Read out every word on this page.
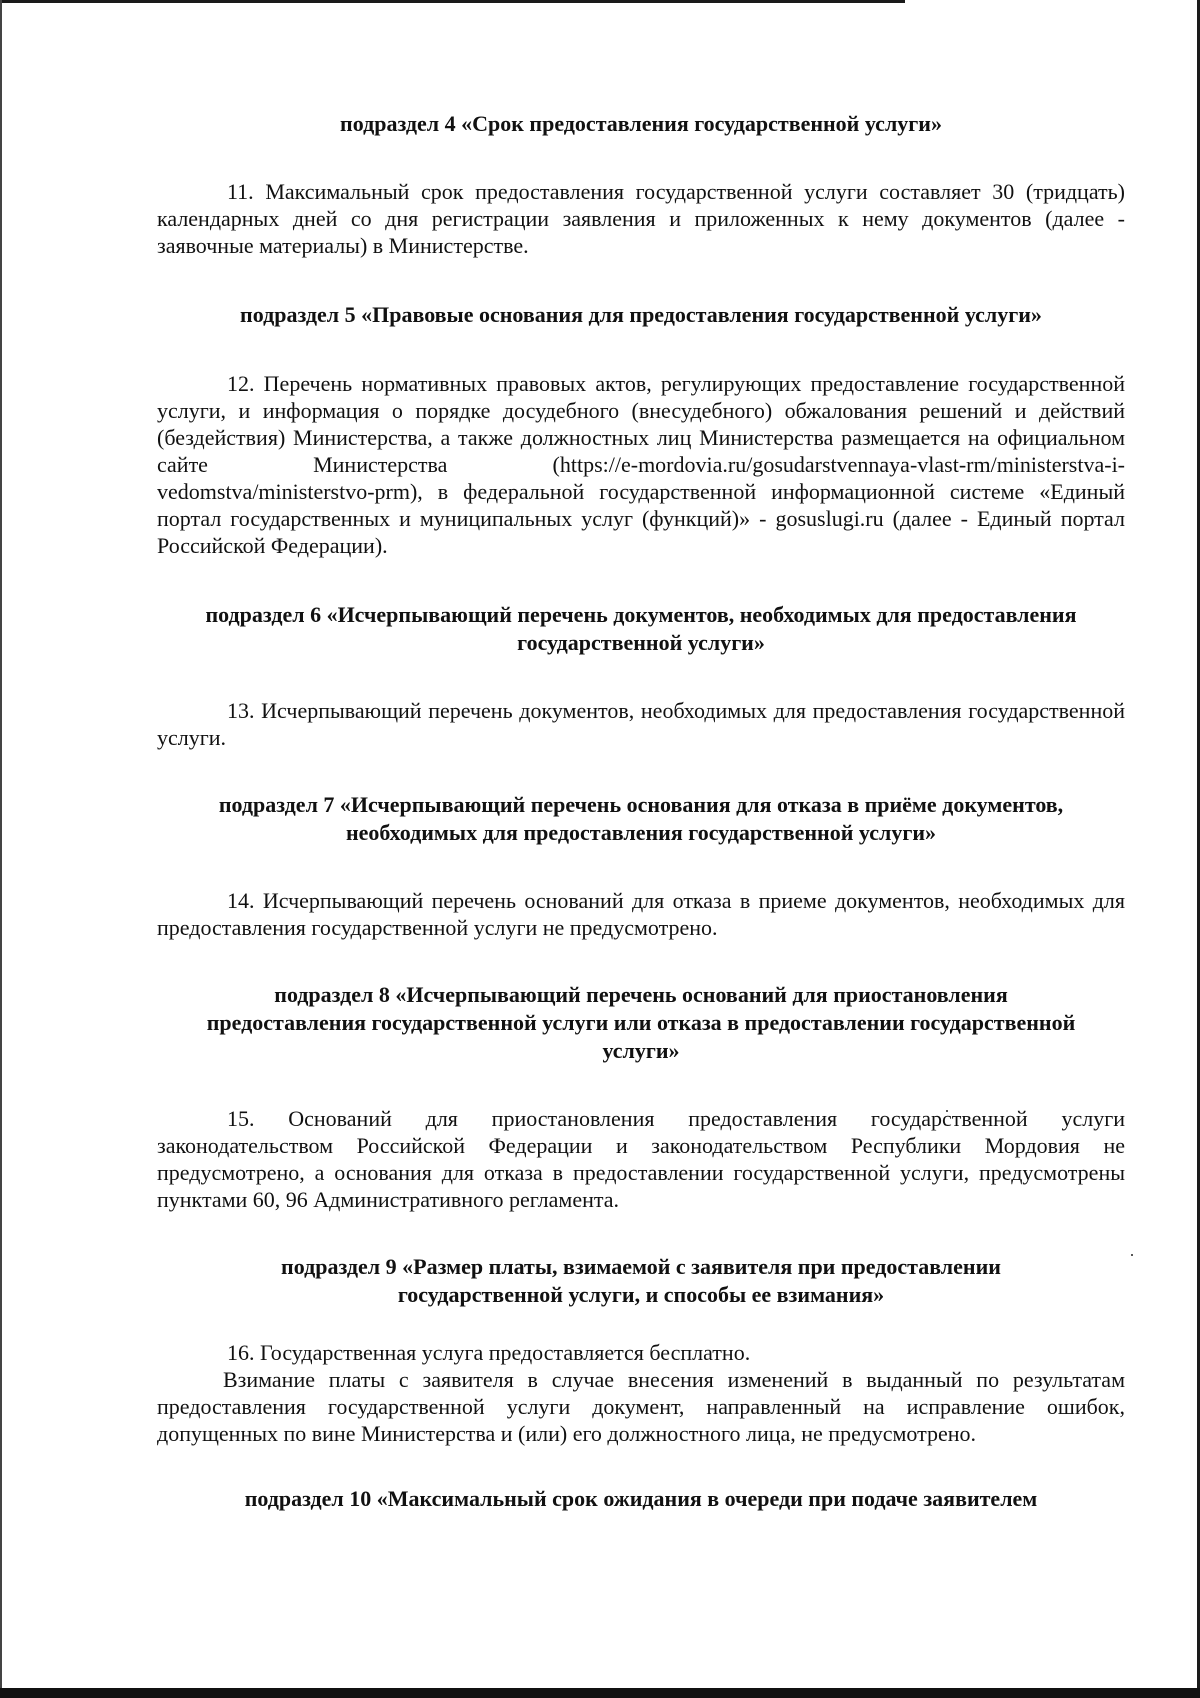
подраздел 4 «Срок предоставления государственной услуги»

11. Максимальный срок предоставления государственной услуги составляет 30 (тридцать) календарных дней со дня регистрации заявления и приложенных к нему документов (далее - заявочные материалы) в Министерстве.

подраздел 5 «Правовые основания для предоставления государственной услуги»

12. Перечень нормативных правовых актов, регулирующих предоставление государственной услуги, и информация о порядке досудебного (внесудебного) обжалования решений и действий (бездействия) Министерства, а также должностных лиц Министерства размещается на официальном сайте Министерства	(https://e-mordovia.ru/gosudarstvennaya-vlast-rm/ministerstva-i-vedomstva/ministerstvo-prm), в федеральной государственной информационной системе «Единый портал государственных и муниципальных услуг (функций)» - gosuslugi.ru (далее - Единый портал Российской Федерации).

подраздел 6 «Исчерпывающий перечень документов, необходимых для предоставления
государственной услуги»

13. Исчерпывающий перечень документов, необходимых для предоставления государственной услуги.

подраздел 7 «Исчерпывающий перечень основания для отказа в приёме документов,
необходимых для предоставления государственной услуги»

14. Исчерпывающий перечень оснований для отказа в приеме документов, необходимых для предоставления государственной услуги не предусмотрено.

подраздел 8 «Исчерпывающий перечень оснований для приостановления
предоставления государственной услуги или отказа в предоставлении государственной
услуги»

15. Оснований для приостановления предоставления государственной услуги законодательством Российской Федерации и законодательством Республики Мордовия не предусмотрено, а основания для отказа в предоставлении государственной услуги, предусмотрены пунктами 60, 96 Административного регламента.

подраздел 9 «Размер платы, взимаемой с заявителя при предоставлении
государственной услуги, и способы ее взимания»

16. Государственная услуга предоставляется бесплатно.

Взимание платы с заявителя в случае внесения изменений в выданный по результатам предоставления государственной услуги документ, направленный на исправление ошибок, допущенных по вине Министерства и (или) его должностного лица, не предусмотрено.

подраздел 10 «Максимальный срок ожидания в очереди при подаче заявителем
